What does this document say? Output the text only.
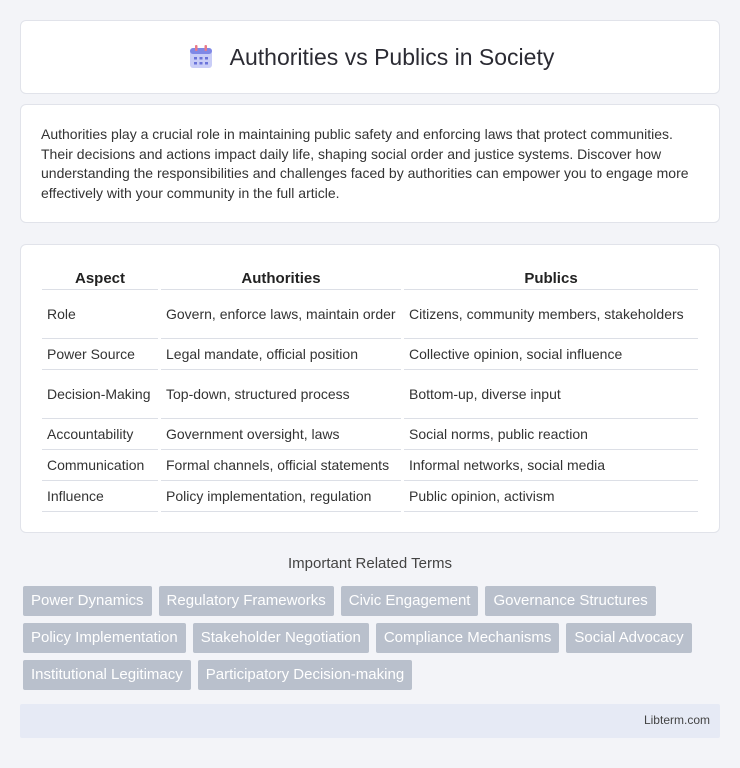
Authorities vs Publics in Society

Authorities play a crucial role in maintaining public safety and enforcing laws that protect communities. Their decisions and actions impact daily life, shaping social order and justice systems. Discover how understanding the responsibilities and challenges faced by authorities can empower you to engage more effectively with your community in the full article.

Aspect	Authorities	Publics
Role	Govern, enforce laws, maintain order	Citizens, community members, stakeholders
Power Source	Legal mandate, official position	Collective opinion, social influence
Decision-Making	Top-down, structured process	Bottom-up, diverse input
Accountability	Government oversight, laws	Social norms, public reaction
Communication	Formal channels, official statements	Informal networks, social media
Influence	Policy implementation, regulation	Public opinion, activism
Important Related Terms
Power Dynamics	Regulatory Frameworks	Civic Engagement	Governance Structures
Policy Implementation	Stakeholder Negotiation	Compliance Mechanisms	Social Advocacy
Institutional Legitimacy	Participatory Decision-making
Libterm.com
